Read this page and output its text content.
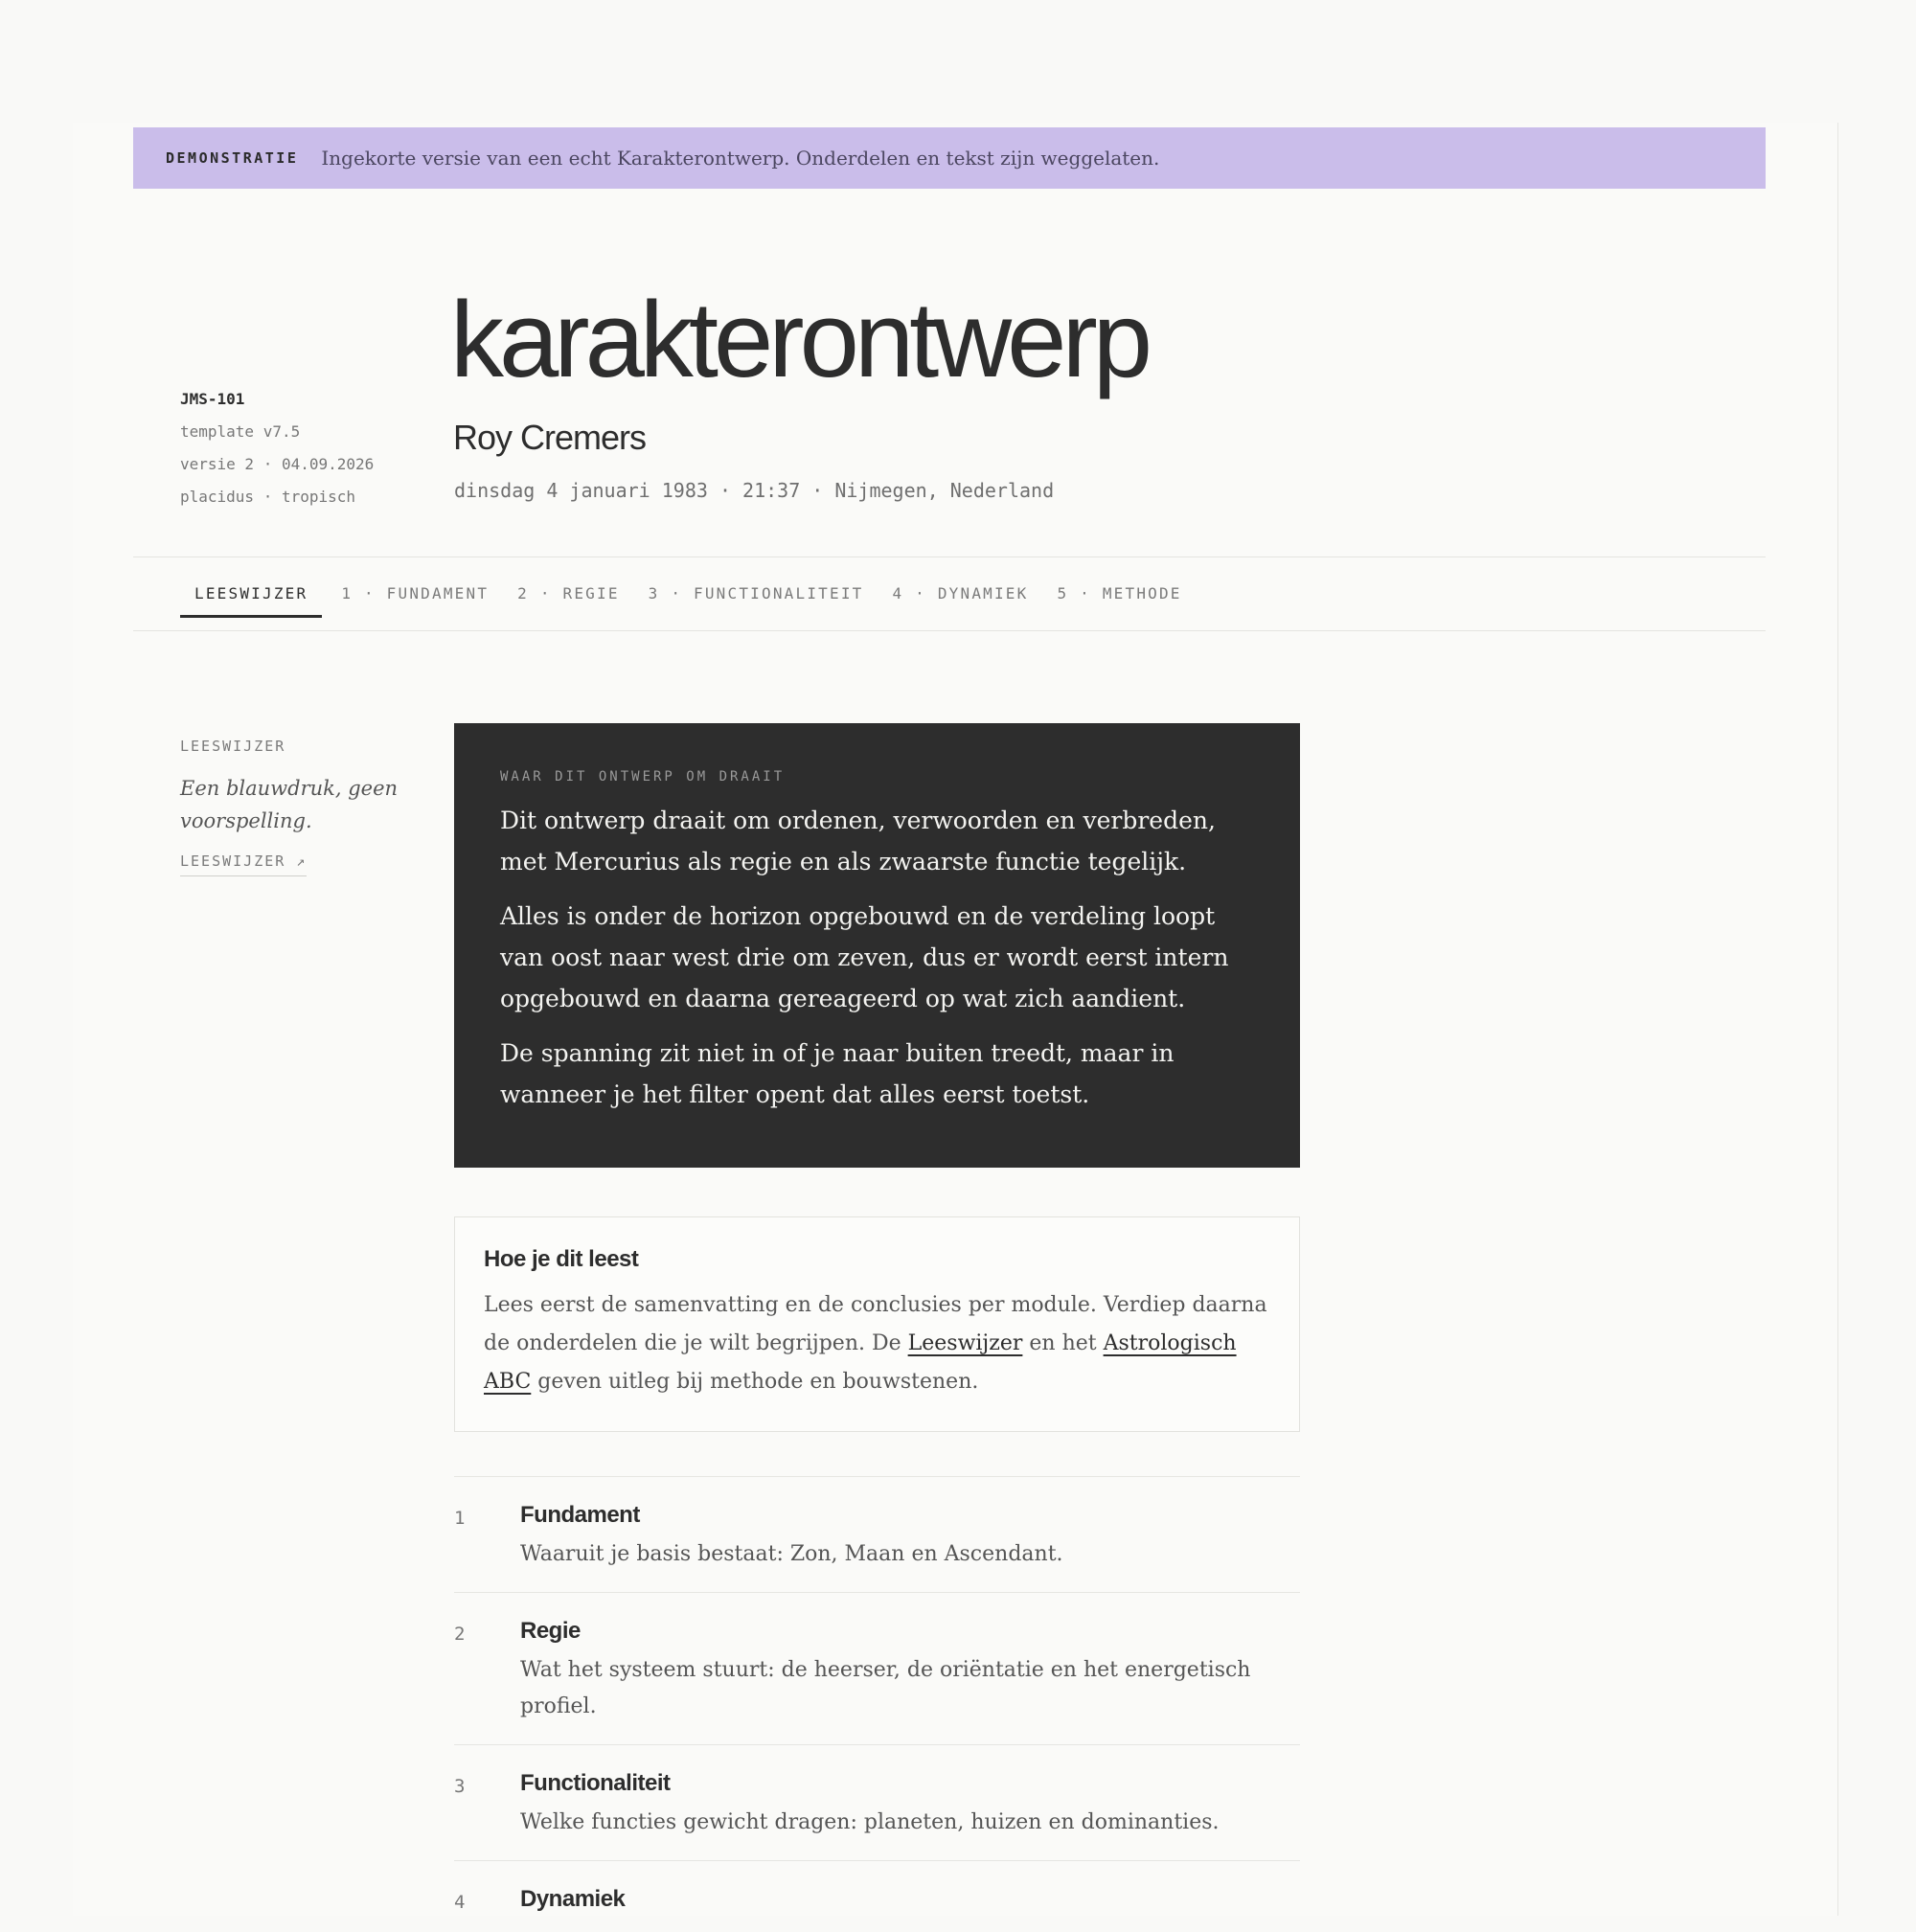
DEMONSTRATIE Ingekorte versie van een echt Karakterontwerp. Onderdelen en tekst zijn weggelaten.
JMS-101
template v7.5
versie 2 · 04.09.2026
placidus · tropisch
karakterontwerp
Roy Cremers
dinsdag 4 januari 1983 · 21:37 · Nijmegen, Nederland
LEESWIJZER	1 · FUNDAMENT 2 · REGIE 3 · FUNCTIONALITEIT 4 · DYNAMIEK 5 · METHODE
LEESWIJZER
Een blauwdruk, geen voorspelling.
LEESWIJZER ↗
WAAR DIT ONTWERP OM DRAAIT

Dit ontwerp draait om ordenen, verwoorden en verbreden, met Mercurius als regie en als zwaarste functie tegelijk.

Alles is onder de horizon opgebouwd en de verdeling loopt van oost naar west drie om zeven, dus er wordt eerst intern opgebouwd en daarna gereageerd op wat zich aandient.

De spanning zit niet in of je naar buiten treedt, maar in wanneer je het filter opent dat alles eerst toetst.

Hoe je dit leest
Lees eerst de samenvatting en de conclusies per module. Verdiep daarna de onderdelen die je wilt begrijpen. De Leeswijzer en het Astrologisch ABC geven uitleg bij methode en bouwstenen.
1	Fundament
Waaruit je basis bestaat: Zon, Maan en Ascendant.
2	Regie
Wat het systeem stuurt: de heerser, de oriëntatie en het energetisch profiel.
3	Functionaliteit
Welke functies gewicht dragen: planeten, huizen en dominanties.
4	Dynamiek
